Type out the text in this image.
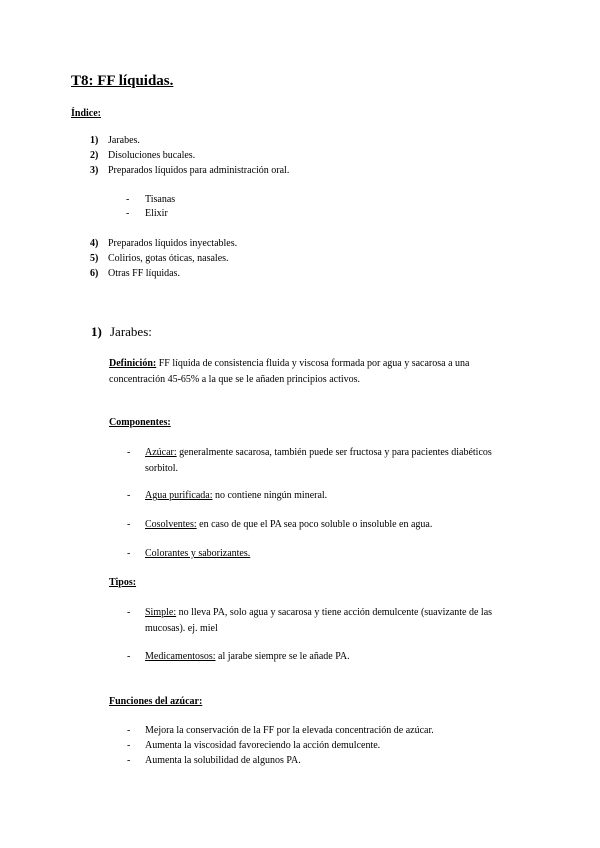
T8: FF líquidas.
Índice:
1) Jarabes.
2) Disoluciones bucales.
3) Preparados líquidos para administración oral.
- Tisanas
- Elixir
4) Preparados líquidos inyectables.
5) Colirios, gotas óticas, nasales.
6) Otras FF líquidas.
1) Jarabes:
Definición: FF líquida de consistencia fluida y viscosa formada por agua y sacarosa a una concentración 45-65% a la que se le añaden principios activos.
Componentes:
- Azúcar: generalmente sacarosa, también puede ser fructosa y para pacientes diabéticos sorbitol.
- Agua purificada: no contiene ningún mineral.
- Cosolventes: en caso de que el PA sea poco soluble o insoluble en agua.
- Colorantes y saborizantes.
Tipos:
- Simple: no lleva PA, solo agua y sacarosa y tiene acción demulcente (suavizante de las mucosas). ej. miel
- Medicamentosos: al jarabe siempre se le añade PA.
Funciones del azúcar:
- Mejora la conservación de la FF por la elevada concentración de azúcar.
- Aumenta la viscosidad favoreciendo la acción demulcente.
- Aumenta la solubilidad de algunos PA.
